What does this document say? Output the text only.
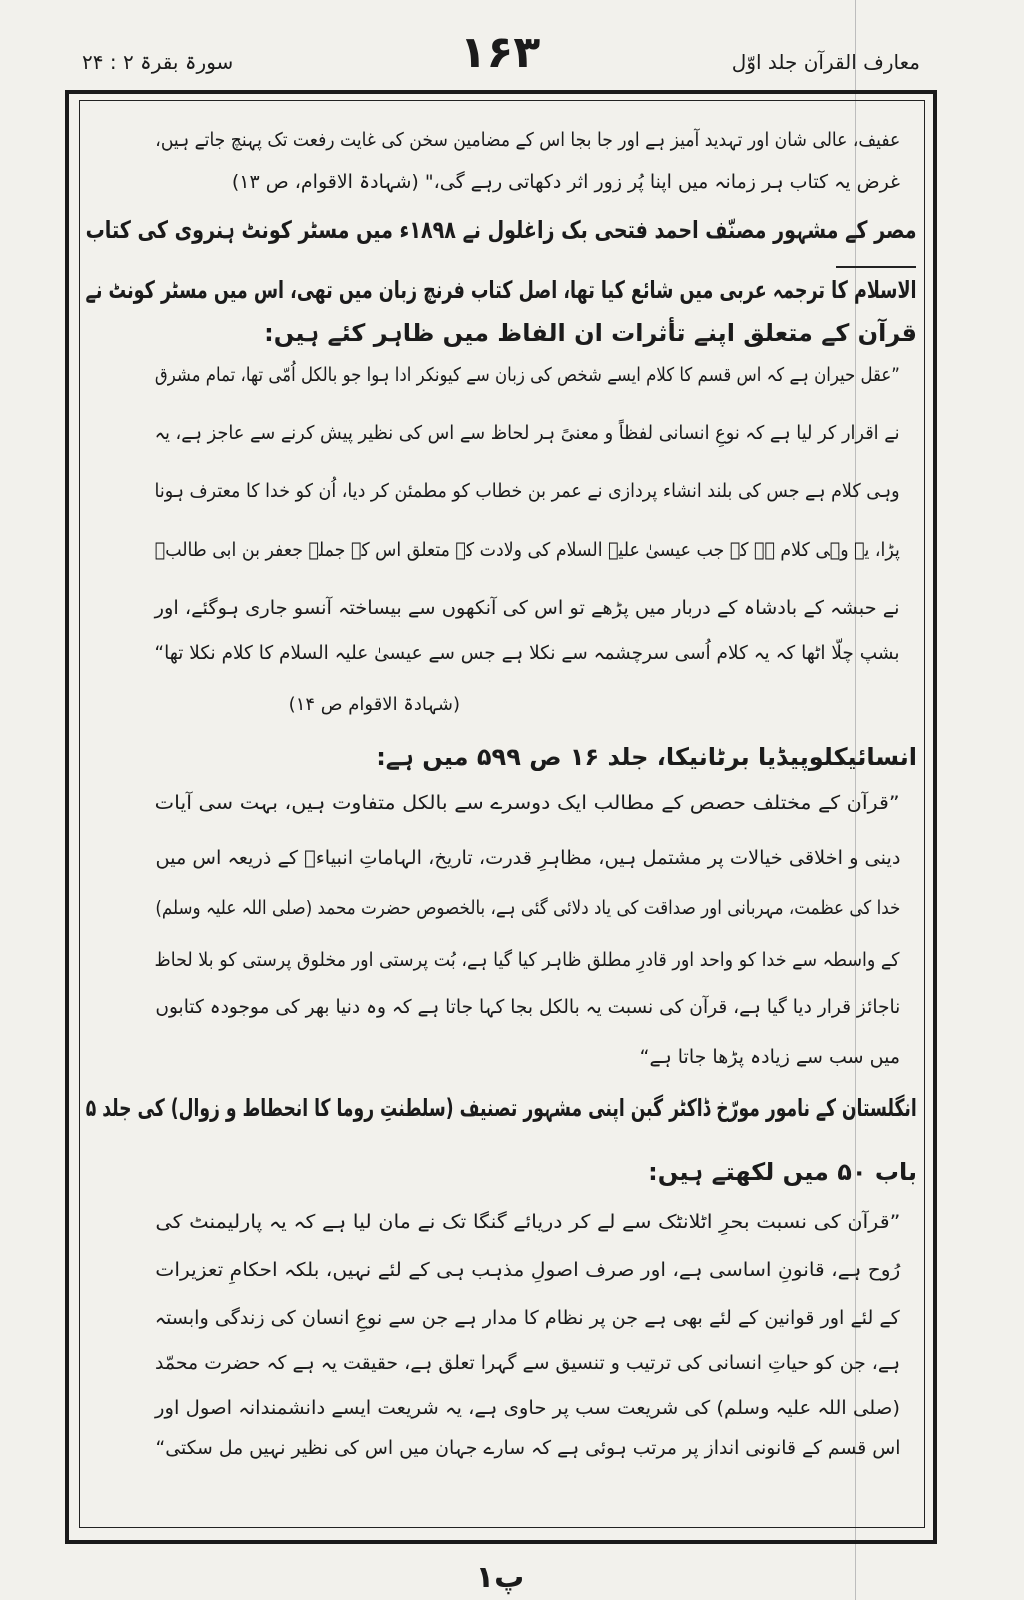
معارف القرآن جلد اوّل
۱۶۳
سورۃ بقرۃ ۲ : ۲۴
عفیف، عالی شان اور تہدید آمیز ہے اور جا بجا اس کے مضامین سخن کی غایت رفعت تک پہنچ جاتے ہیں،
غرض یہ کتاب ہر زمانہ میں اپنا پُر زور اثر دکھاتی رہے گی،" (شہادۃ الاقوام، ص ۱۳)
مصر کے مشہور مصنّف احمد فتحی بک زاغلول نے ۱۸۹۸ء میں مسٹر کونٹ ہنروی کی کتاب
الاسلام کا ترجمہ عربی میں شائع کیا تھا، اصل کتاب فرنچ زبان میں تھی، اس میں مسٹر کونٹ نے
قرآن کے متعلق اپنے تأثرات ان الفاظ میں ظاہر کئے ہیں:
”عقل حیران ہے کہ اس قسم کا کلام ایسے شخص کی زبان سے کیونکر ادا ہوا جو بالکل اُمّی تھا، تمام مشرق
نے اقرار کر لیا ہے کہ نوعِ انسانی لفظاً و معنیً ہر لحاظ سے اس کی نظیر پیش کرنے سے عاجز ہے، یہ
وہی کلام ہے جس کی بلند انشاء پردازی نے عمر بن خطاب کو مطمئن کر دیا، اُن کو خدا کا معترف ہونا
پڑا، یہ وہی کلام ہے کہ جب عیسیٰ علیہ السلام کی ولادت کے متعلق اس کے جملے جعفر بن ابی طالبؓ
نے حبشہ کے بادشاہ کے دربار میں پڑھے تو اس کی آنکھوں سے بیساختہ آنسو جاری ہوگئے، اور
بشپ چلّا اٹھا کہ یہ کلام اُسی سرچشمہ سے نکلا ہے جس سے عیسیٰ علیہ السلام کا کلام نکلا تھا“
(شہادۃ الاقوام ص ۱۴)
انسائیکلوپیڈیا برٹانیکا، جلد ۱۶ ص ۵۹۹ میں ہے:
”قرآن کے مختلف حصص کے مطالب ایک دوسرے سے بالکل متفاوت ہیں، بہت سی آیات
دینی و اخلاقی خیالات پر مشتمل ہیں، مظاہرِ قدرت، تاریخ، الہاماتِ انبیاءؑ کے ذریعہ اس میں
خدا کی عظمت، مہربانی اور صداقت کی یاد دلائی گئی ہے، بالخصوص حضرت محمد (صلی اللہ علیہ وسلم)
کے واسطہ سے خدا کو واحد اور قادرِ مطلق ظاہر کیا گیا ہے، بُت پرستی اور مخلوق پرستی کو بلا لحاظ
ناجائز قرار دیا گیا ہے، قرآن کی نسبت یہ بالکل بجا کہا جاتا ہے کہ وہ دنیا بھر کی موجودہ کتابوں
میں سب سے زیادہ پڑھا جاتا ہے“
انگلستان کے نامور مورّخ ڈاکٹر گبن اپنی مشہور تصنیف (سلطنتِ روما کا انحطاط و زوال) کی جلد ۵
باب ۵۰ میں لکھتے ہیں:
”قرآن کی نسبت بحرِ اٹلانٹک سے لے کر دریائے گنگا تک نے مان لیا ہے کہ یہ پارلیمنٹ کی
رُوح ہے، قانونِ اساسی ہے، اور صرف اصولِ مذہب ہی کے لئے نہیں، بلکہ احکامِ تعزیرات
کے لئے اور قوانین کے لئے بھی ہے جن پر نظام کا مدار ہے جن سے نوعِ انسان کی زندگی وابستہ
ہے، جن کو حیاتِ انسانی کی ترتیب و تنسیق سے گہرا تعلق ہے، حقیقت یہ ہے کہ حضرت محمّد
(صلی اللہ علیہ وسلم) کی شریعت سب پر حاوی ہے، یہ شریعت ایسے دانشمندانہ اصول اور
اس قسم کے قانونی انداز پر مرتب ہوئی ہے کہ سارے جہان میں اس کی نظیر نہیں مل سکتی“
پ۱
